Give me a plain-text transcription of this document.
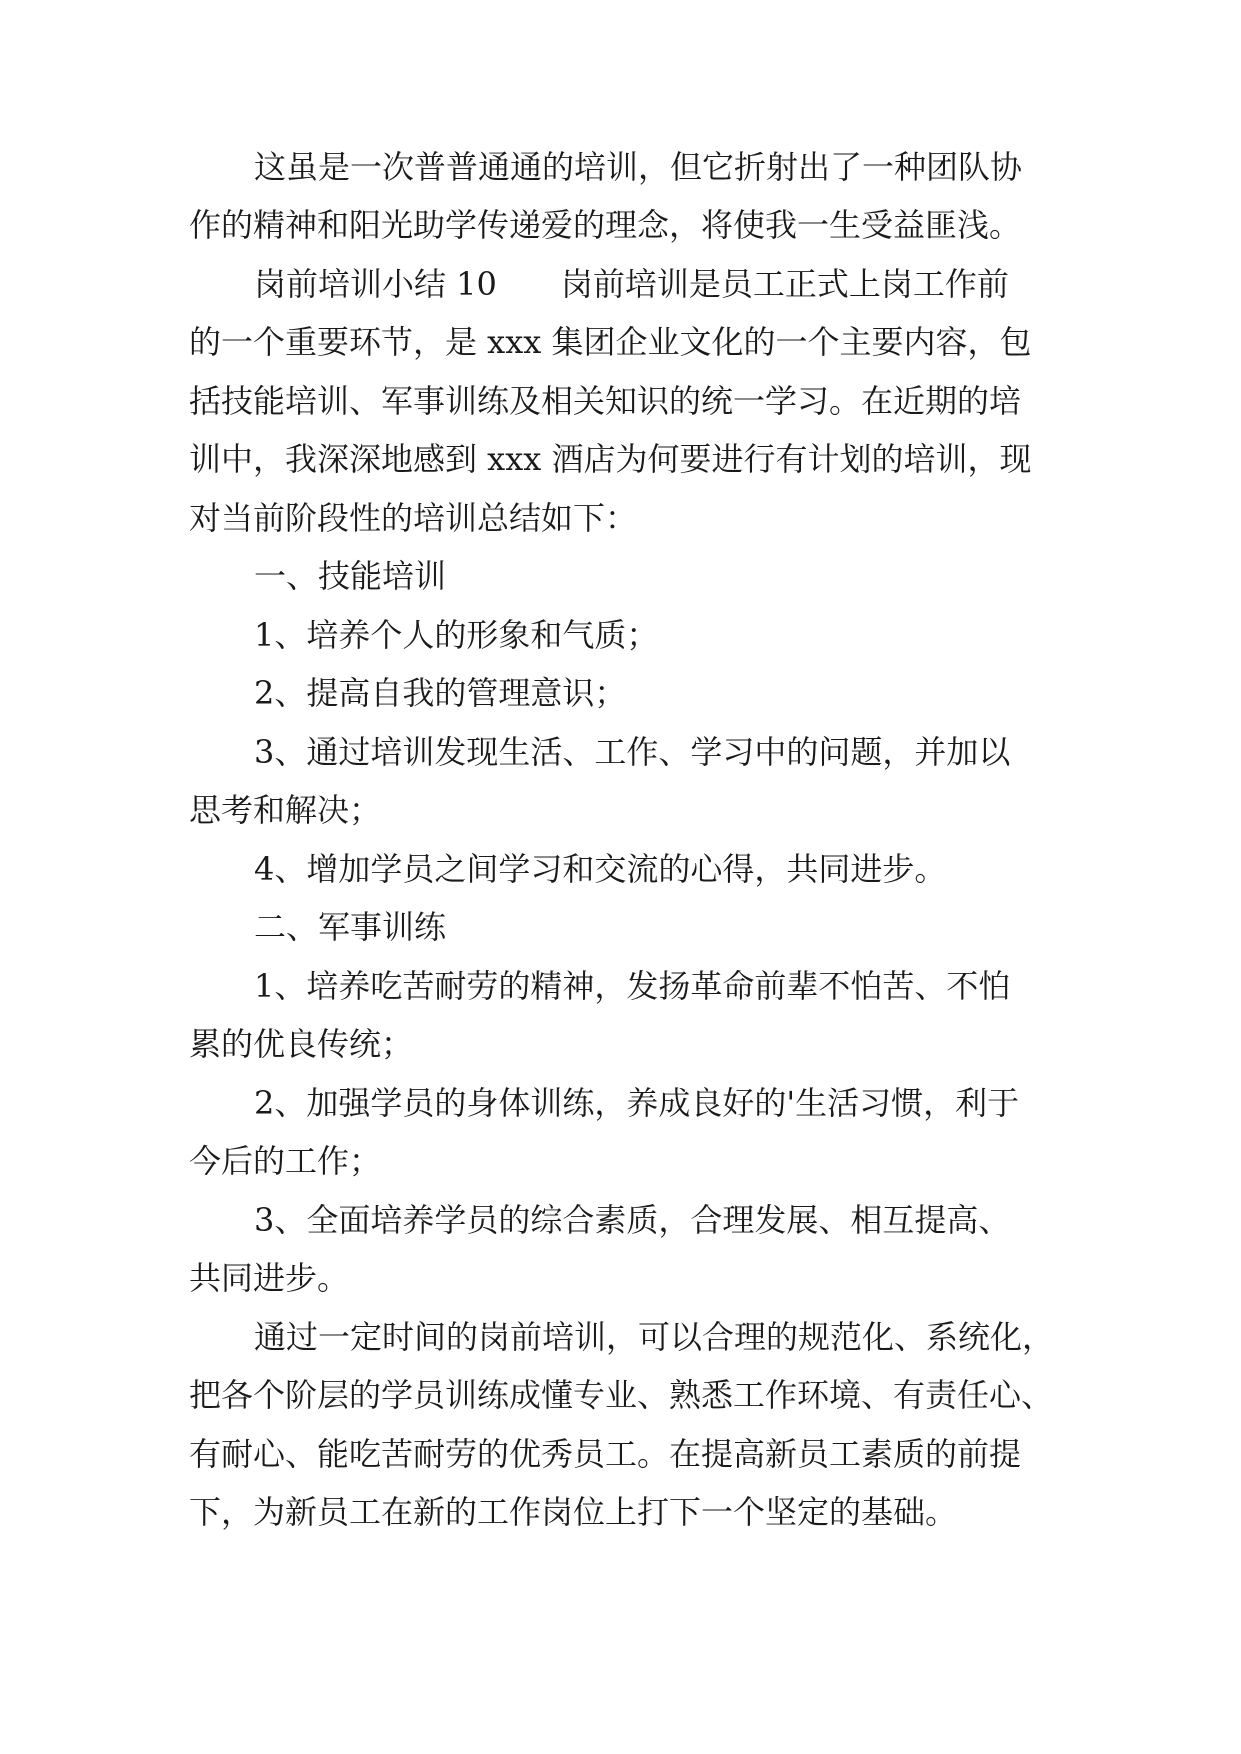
这虽是一次普普通通的培训，但它折射出了一种团队协
作的精神和阳光助学传递爱的理念，将使我一生受益匪浅。
岗前培训小结 10　　岗前培训是员工正式上岗工作前
的一个重要环节，是 xxx 集团企业文化的一个主要内容，包
括技能培训、军事训练及相关知识的统一学习。在近期的培
训中，我深深地感到 xxx 酒店为何要进行有计划的培训，现
对当前阶段性的培训总结如下：
一、技能培训
1、培养个人的形象和气质；
2、提高自我的管理意识；
3、通过培训发现生活、工作、学习中的问题，并加以
思考和解决；
4、增加学员之间学习和交流的心得，共同进步。
二、军事训练
1、培养吃苦耐劳的精神，发扬革命前辈不怕苦、不怕
累的优良传统；
2、加强学员的身体训练，养成良好的'生活习惯，利于
今后的工作；
3、全面培养学员的综合素质，合理发展、相互提高、
共同进步。
通过一定时间的岗前培训，可以合理的规范化、系统化，
把各个阶层的学员训练成懂专业、熟悉工作环境、有责任心、
有耐心、能吃苦耐劳的优秀员工。在提高新员工素质的前提
下，为新员工在新的工作岗位上打下一个坚定的基础。
